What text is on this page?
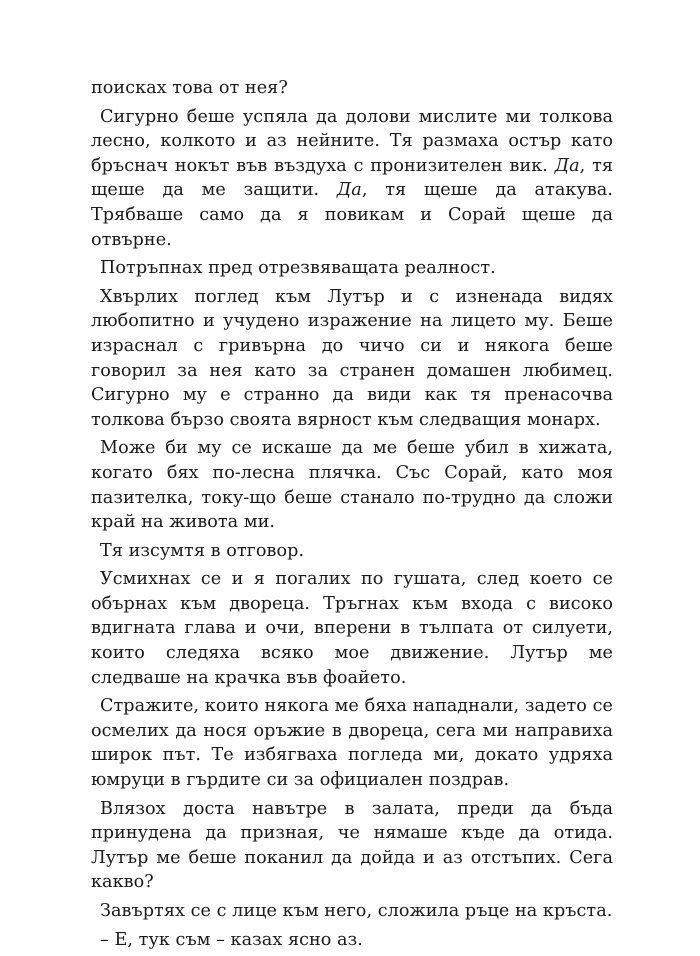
поисках това от нея?

Сигурно беше успяла да долови мислите ми толкова лесно, колкото и аз нейните. Тя размаха остър като бръснач нокът във въздуха с пронизителен вик. Да, тя щеше да ме защити. Да, тя щеше да атакува. Трябваше само да я повикам и Сорай щеше да отвърне.

Потръпнах пред отрезвяващата реалност.

Хвърлих поглед към Лутър и с изненада видях любопитно и учудено изражение на лицето му. Беше израснал с гривърна до чичо си и някога беше говорил за нея като за странен домашен любимец. Сигурно му е странно да види как тя пренасочва толкова бързо своята вярност към следващия монарх.

Може би му се искаше да ме беше убил в хижата, когато бях по-лесна плячка. Със Сорай, като моя пазителка, току-що беше станало по-трудно да сложи край на живота ми.

Тя изсумтя в отговор.

Усмихнах се и я погалих по гушата, след което се обърнах към двореца. Тръгнах към входа с високо вдигната глава и очи, вперени в тълпата от силуети, които следяха всяко мое движение. Лутър ме следваше на крачка във фоайето.

Стражите, които някога ме бяха нападнали, задето се осмелих да нося оръжие в двореца, сега ми направиха широк път. Те избягваха погледа ми, докато удряха юмруци в гърдите си за официален поздрав.

Влязох доста навътре в залата, преди да бъда принудена да призная, че нямаше къде да отида. Лутър ме беше поканил да дойда и аз отстъпих. Сега какво?

Завъртях се с лице към него, сложила ръце на кръста.

– Е, тук съм – казах ясно аз.
